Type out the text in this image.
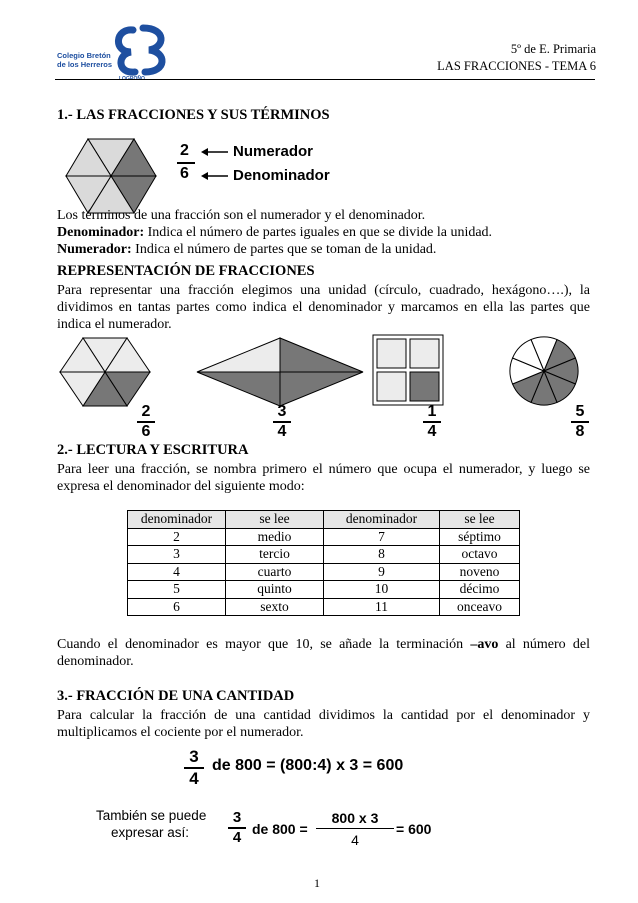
Colegio Bretón
de los Herreros
5º de E. Primaria
LAS FRACCIONES - TEMA 6
1.- LAS FRACCIONES Y SUS TÉRMINOS
2
6
Numerador
Denominador
Los términos de una fracción son el numerador y el denominador.
Denominador: Indica el número de partes iguales en que se divide la unidad.
Numerador: Indica el número de partes que se toman de la unidad.
REPRESENTACIÓN DE FRACCIONES
Para representar una fracción elegimos una unidad (círculo, cuadrado, hexágono….), la dividimos en tantas partes como indica el denominador y marcamos en ella las partes que indica el numerador.
2
6
3
4
1
4
5
8
2.- LECTURA Y ESCRITURA
Para leer una fracción, se nombra primero el número que ocupa el numerador, y luego se expresa el denominador del siguiente modo:
denominador	se lee	denominador	se lee
2	medio	7	séptimo
3	tercio	8	octavo
4	cuarto	9	noveno
5	quinto	10	décimo
6	sexto	11	onceavo
Cuando el denominador es mayor que 10, se añade la terminación –avo al número del denominador.
3.- FRACCIÓN DE UNA CANTIDAD
Para calcular la fracción de una cantidad dividimos la cantidad por el denominador y multiplicamos el cociente por el numerador.
3
4
de 800 = (800:4) x 3 = 600
También se puede
expresar así:
3
4 de 800 =
800 x 3
4
= 600
1
